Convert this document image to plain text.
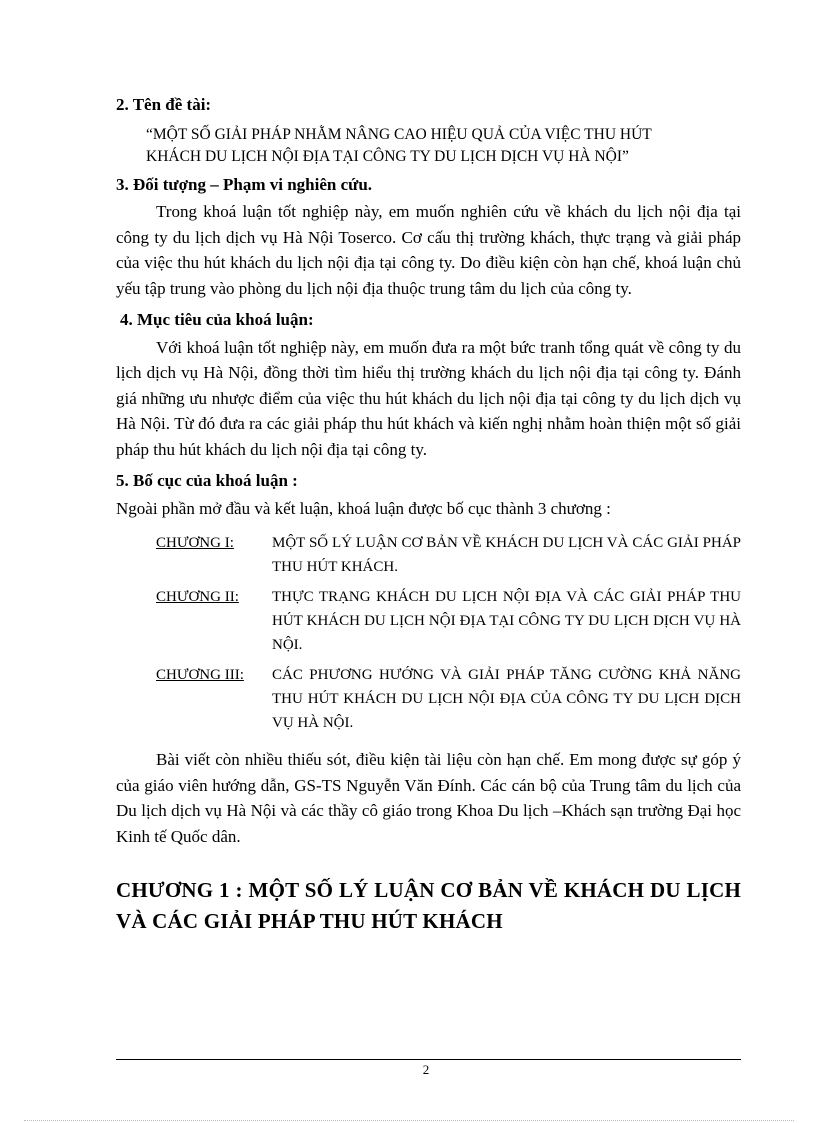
2. Tên đề tài:

“MỘT SỐ GIẢI PHÁP NHẰM NÂNG CAO HIỆU QUẢ CỦA VIỆC THU HÚT
KHÁCH DU LỊCH NỘI ĐỊA TẠI CÔNG TY DU LỊCH DỊCH VỤ HÀ NỘI”

3. Đối tượng – Phạm vi nghiên cứu.

Trong khoá luận tốt nghiệp này, em muốn nghiên cứu về khách du lịch nội địa tại công ty du lịch dịch vụ Hà Nội Toserco. Cơ cấu thị trường khách, thực trạng và giải pháp của việc thu hút khách du lịch nội địa tại công ty. Do điều kiện còn hạn chế, khoá luận chủ yếu tập trung vào phòng du lịch nội địa thuộc trung tâm du lịch của công ty.

4. Mục tiêu của khoá luận:

Với khoá luận tốt nghiệp này, em muốn đưa ra một bức tranh tổng quát về công ty du lịch dịch vụ Hà Nội, đồng thời tìm hiểu thị trường khách du lịch nội địa tại công ty. Đánh giá những ưu nhược điểm của việc thu hút khách du lịch nội địa tại công ty du lịch dịch vụ Hà Nội. Từ đó đưa ra các giải pháp thu hút khách và kiến nghị nhằm hoàn thiện một số giải pháp thu hút khách du lịch nội địa tại công ty.

5. Bố cục của khoá luận :

Ngoài phần mở đầu và kết luận, khoá luận được bố cục thành 3 chương :

CHƯƠNG I:	MỘT SỐ LÝ LUẬN CƠ BẢN VỀ KHÁCH DU LỊCH VÀ CÁC GIẢI PHÁP THU HÚT KHÁCH.
CHƯƠNG II:	THỰC TRẠNG KHÁCH DU LỊCH NỘI ĐỊA VÀ CÁC GIẢI PHÁP THU HÚT KHÁCH DU LỊCH NỘI ĐỊA TẠI CÔNG TY DU LỊCH DỊCH VỤ HÀ NỘI.
CHƯƠNG III:	CÁC PHƯƠNG HƯỚNG VÀ GIẢI PHÁP TĂNG CƯỜNG KHẢ NĂNG THU HÚT KHÁCH DU LỊCH NỘI ĐỊA CỦA CÔNG TY DU LỊCH DỊCH VỤ HÀ NỘI.

Bài viết còn nhiều thiếu sót, điều kiện tài liệu còn hạn chế. Em mong được sự góp ý của giáo viên hướng dẫn, GS-TS Nguyễn Văn Đính. Các cán bộ của Trung tâm du lịch của Du lịch dịch vụ Hà Nội và các thầy cô giáo trong Khoa Du lịch –Khách sạn trường Đại học Kinh tế Quốc dân.

CHƯƠNG 1 : MỘT SỐ LÝ LUẬN CƠ BẢN VỀ KHÁCH DU LỊCH VÀ CÁC GIẢI PHÁP THU HÚT KHÁCH

2
